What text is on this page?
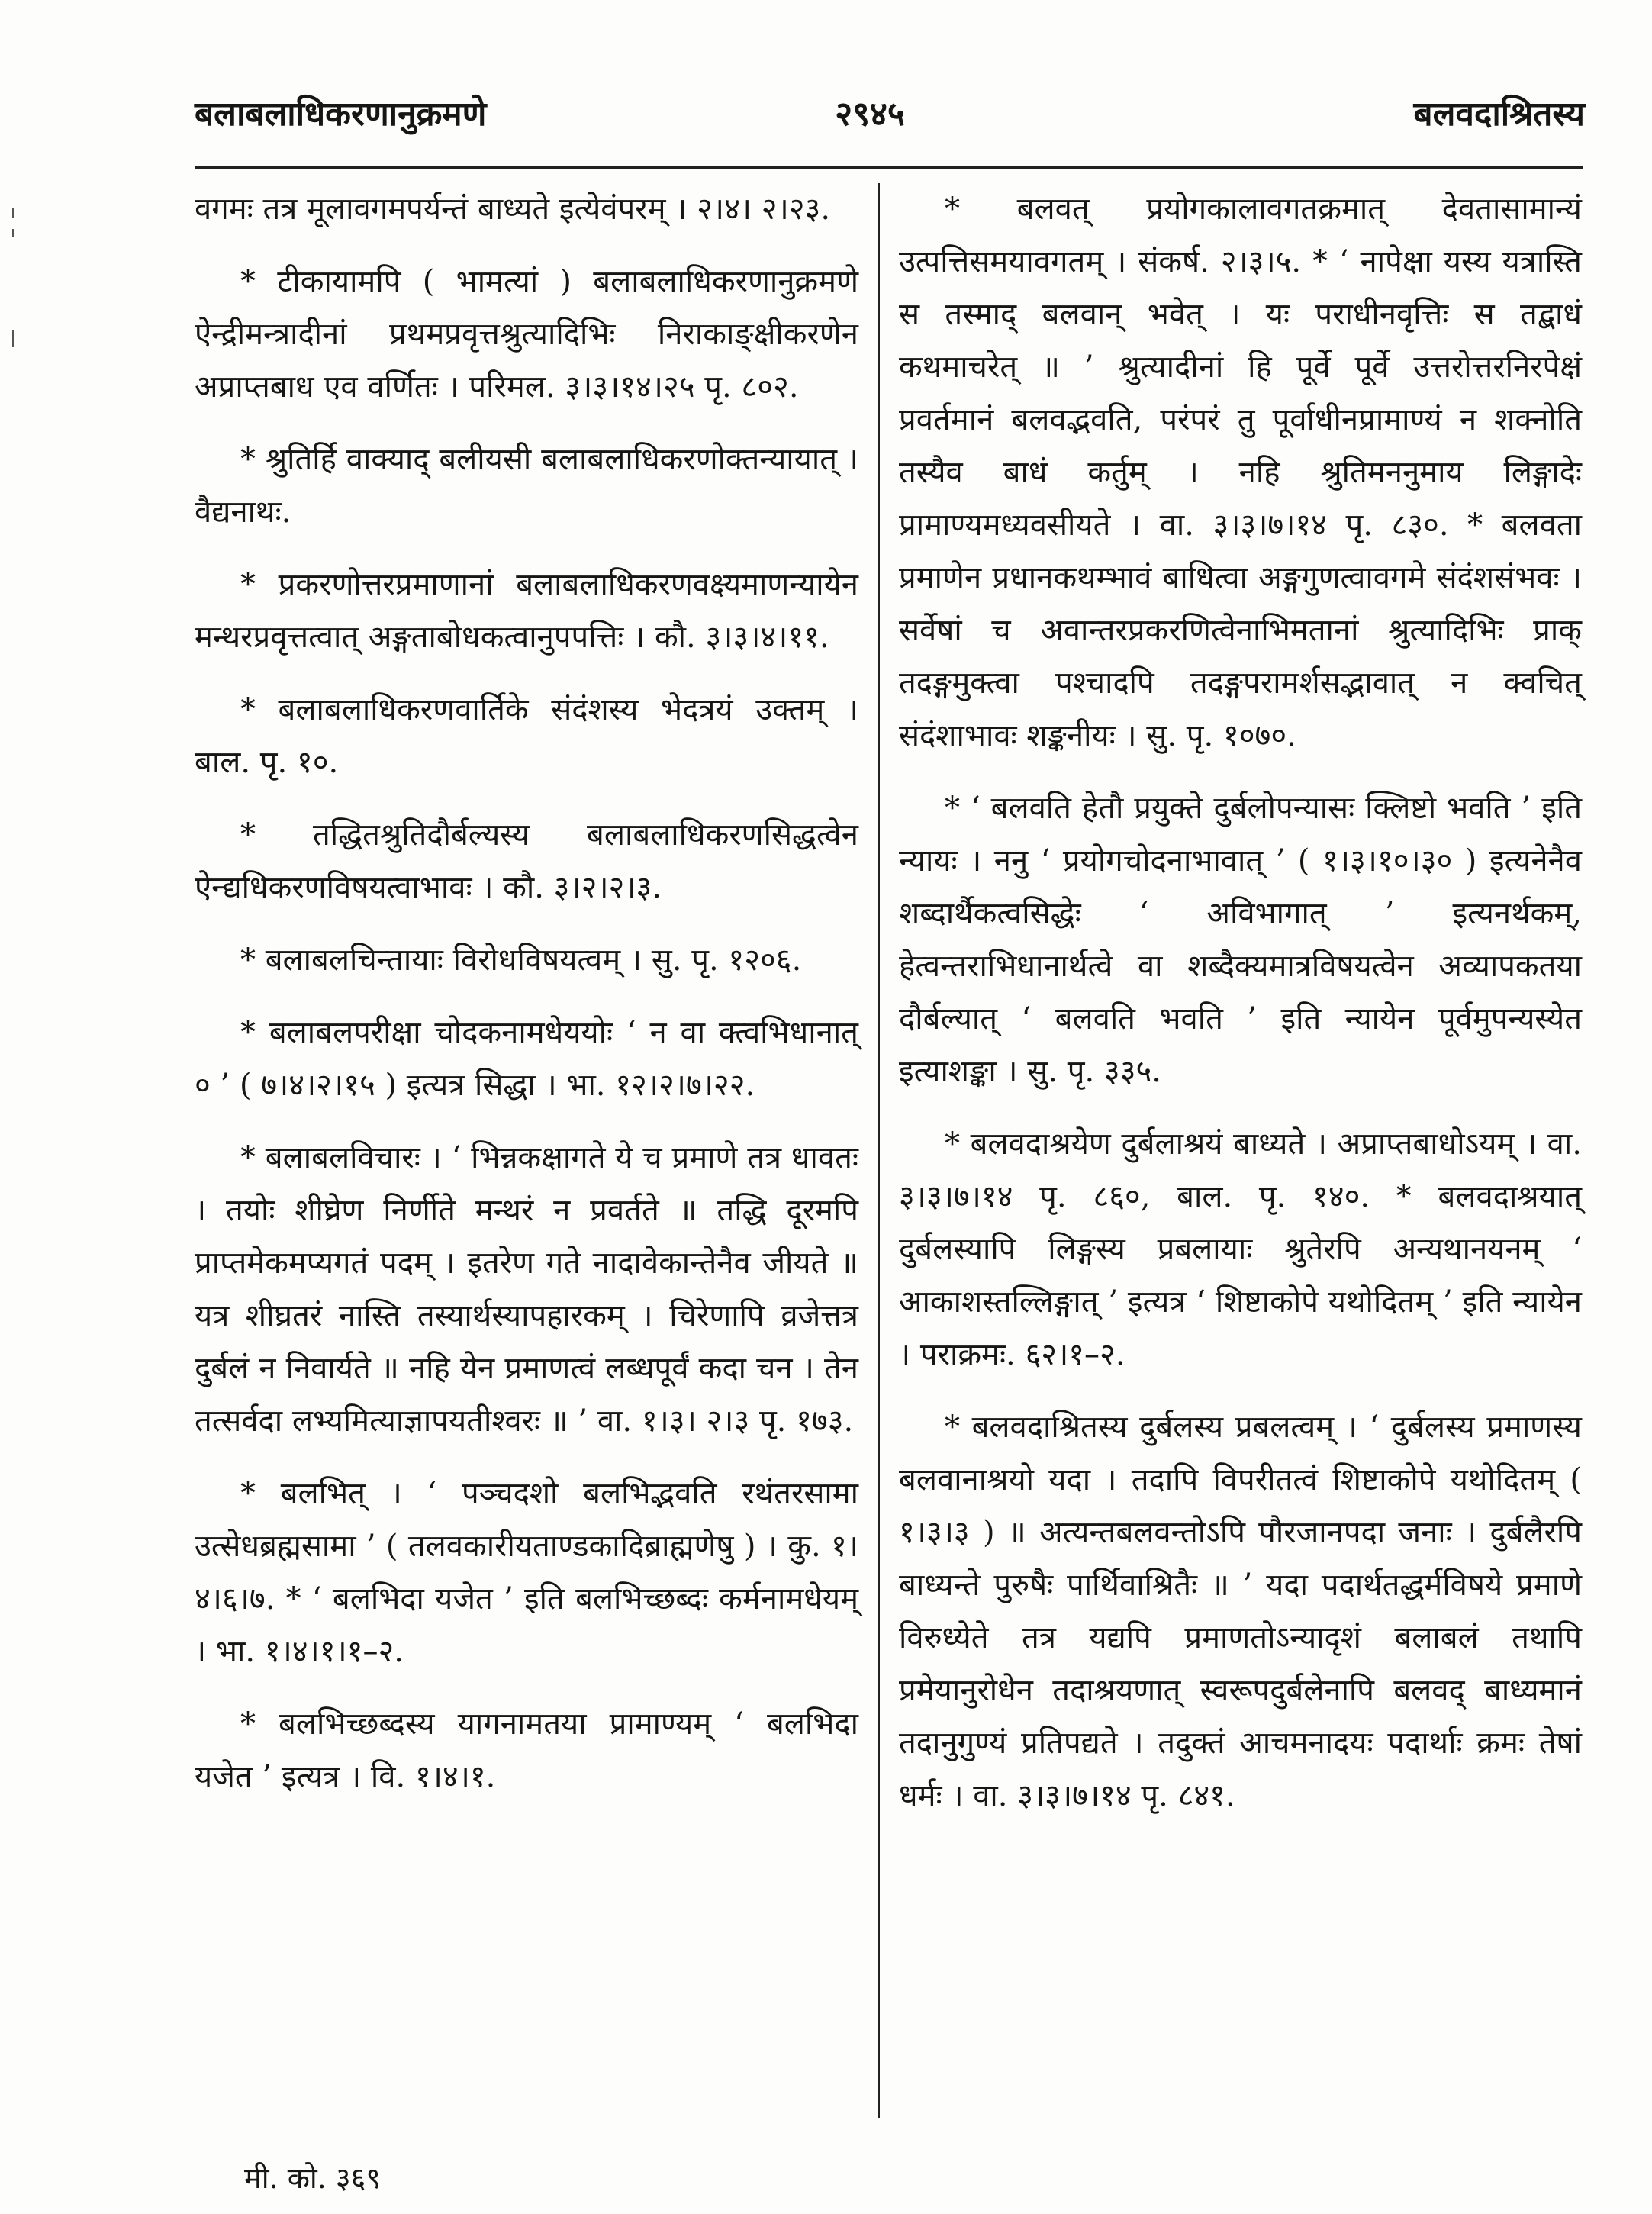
बलाबलाधिकरणानुक्रमणे	२९४५	बलवदाश्रितस्य

वगमः तत्र मूलावगमपर्यन्तं बाध्यते इत्येवंपरम् । २।४। २।२३.

* टीकायामपि ( भामत्यां ) बलाबलाधिकरणानुक्रमणे ऐन्द्रीमन्त्रादीनां प्रथमप्रवृत्तश्रुत्यादिभिः निराकाङ्क्षीकरणेन अप्राप्तबाध एव वर्णितः । परिमल. ३।३।१४।२५ पृ. ८०२.

* श्रुतिर्हि वाक्याद् बलीयसी बलाबलाधिकरणोक्तन्यायात् । वैद्यनाथः.

* प्रकरणोत्तरप्रमाणानां बलाबलाधिकरणवक्ष्यमाणन्यायेन मन्थरप्रवृत्तत्वात् अङ्गताबोधकत्वानुपपत्तिः । कौ. ३।३।४।११.

* बलाबलाधिकरणवार्तिके संदंशस्य भेदत्रयं उक्तम् । बाल. पृ. १०.

* तद्धितश्रुतिदौर्बल्यस्य बलाबलाधिकरणसिद्धत्वेन ऐन्द्यधिकरणविषयत्वाभावः । कौ. ३।२।२।३.

* बलाबलचिन्तायाः विरोधविषयत्वम् । सु. पृ. १२०६.

* बलाबलपरीक्षा चोदकनामधेययोः ‘ न वा क्त्वभिधानात् ० ’ ( ७।४।२।१५ ) इत्यत्र सिद्धा । भा. १२।२।७।२२.

* बलाबलविचारः । ‘ भिन्नकक्षागते ये च प्रमाणे तत्र धावतः । तयोः शीघ्रेण निर्णीते मन्थरं न प्रवर्तते ॥ तद्धि दूरमपि प्राप्तमेकमप्यगतं पदम् । इतरेण गते नादावेकान्तेनैव जीयते ॥ यत्र शीघ्रतरं नास्ति तस्यार्थस्यापहारकम् । चिरेणापि व्रजेत्तत्र दुर्बलं न निवार्यते ॥ नहि येन प्रमाणत्वं लब्धपूर्वं कदा चन । तेन तत्सर्वदा लभ्यमित्याज्ञापयतीश्वरः ॥ ’ वा. १।३। २।३ पृ. १७३.

* बलभित् । ‘ पञ्चदशो बलभिद्भवति रथंतरसामा उत्सेधब्रह्मसामा ’ ( तलवकारीयताण्डकादिब्राह्मणेषु ) । कु. १।४।६।७. * ‘ बलभिदा यजेत ’ इति बलभिच्छब्दः कर्मनामधेयम् । भा. १।४।१।१–२.

* बलभिच्छब्दस्य यागनामतया प्रामाण्यम् ‘ बलभिदा यजेत ’ इत्यत्र । वि. १।४।१.

* बलवत् प्रयोगकालावगतक्रमात् देवतासामान्यं उत्पत्तिसमयावगतम् । संकर्ष. २।३।५. * ‘ नापेक्षा यस्य यत्रास्ति स तस्माद् बलवान् भवेत् । यः पराधीनवृत्तिः स तद्बाधं कथमाचरेत् ॥ ’ श्रुत्यादीनां हि पूर्वे पूर्वे उत्तरोत्तरनिरपेक्षं प्रवर्तमानं बलवद्भवति, परंपरं तु पूर्वाधीनप्रामाण्यं न शक्नोति तस्यैव बाधं कर्तुम् । नहि श्रुतिमननुमाय लिङ्गादेः प्रामाण्यमध्यवसीयते । वा. ३।३।७।१४ पृ. ८३०. * बलवता प्रमाणेन प्रधानकथम्भावं बाधित्वा अङ्गगुणत्वावगमे संदंशसंभवः । सर्वेषां च अवान्तरप्रकरणित्वेनाभिमतानां श्रुत्यादिभिः प्राक् तदङ्गमुक्त्वा पश्चादपि तदङ्गपरामर्शसद्भावात् न क्वचित् संदंशाभावः शङ्कनीयः । सु. पृ. १०७०.

* ‘ बलवति हेतौ प्रयुक्ते दुर्बलोपन्यासः क्लिष्टो भवति ’ इति न्यायः । ननु ‘ प्रयोगचोदनाभावात् ’ ( १।३।१०।३० ) इत्यनेनैव शब्दार्थैकत्वसिद्धेः ‘ अविभागात् ’ इत्यनर्थकम्, हेत्वन्तराभिधानार्थत्वे वा शब्दैक्यमात्रविषयत्वेन अव्यापकतया दौर्बल्यात् ‘ बलवति भवति ’ इति न्यायेन पूर्वमुपन्यस्येत इत्याशङ्का । सु. पृ. ३३५.

* बलवदाश्रयेण दुर्बलाश्रयं बाध्यते । अप्राप्तबाधोऽयम् । वा. ३।३।७।१४ पृ. ८६०, बाल. पृ. १४०. * बलवदाश्रयात् दुर्बलस्यापि लिङ्गस्य प्रबलायाः श्रुतेरपि अन्यथानयनम् ‘ आकाशस्तल्लिङ्गात् ’ इत्यत्र ‘ शिष्टाकोपे यथोदितम् ’ इति न्यायेन । पराक्रमः. ६२।१–२.

* बलवदाश्रितस्य दुर्बलस्य प्रबलत्वम् । ‘ दुर्बलस्य प्रमाणस्य बलवानाश्रयो यदा । तदापि विपरीतत्वं शिष्टाकोपे यथोदितम् ( १।३।३ ) ॥ अत्यन्तबलवन्तोऽपि पौरजानपदा जनाः । दुर्बलैरपि बाध्यन्ते पुरुषैः पार्थिवाश्रितैः ॥ ’ यदा पदार्थतद्धर्मविषये प्रमाणे विरुध्येते तत्र यद्यपि प्रमाणतोऽन्यादृशं बलाबलं तथापि प्रमेयानुरोधेन तदाश्रयणात् स्वरूपदुर्बलेनापि बलवद् बाध्यमानं तदानुगुण्यं प्रतिपद्यते । तदुक्तं आचमनादयः पदार्थाः क्रमः तेषां धर्मः । वा. ३।३।७।१४ पृ. ८४१.

मी. को. ३६९
